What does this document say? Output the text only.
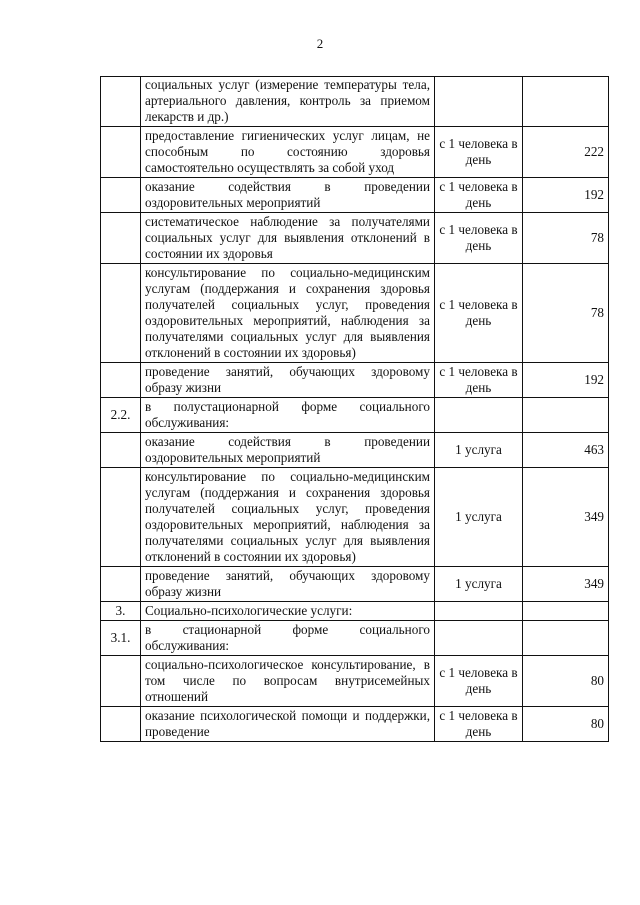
2
	социальных услуг (измерение температуры тела, артериального давления, контроль за приемом лекарств и др.)		
	предоставление гигиенических услуг лицам, не способным по состоянию здоровья самостоятельно осуществлять за собой уход	с 1 человека в день	222
	оказание содействия в проведении оздоровительных мероприятий	с 1 человека в день	192
	систематическое наблюдение за получателями социальных услуг для выявления отклонений в состоянии их здоровья	с 1 человека в день	78
	консультирование по социально-медицинским услугам (поддержания и сохранения здоровья получателей социальных услуг, проведения оздоровительных мероприятий, наблюдения за получателями социальных услуг для выявления отклонений в состоянии их здоровья)	с 1 человека в день	78
	проведение занятий, обучающих здоровому образу жизни	с 1 человека в день	192
2.2.	в полустационарной форме социального обслуживания:		
	оказание содействия в проведении оздоровительных мероприятий	1 услуга	463
	консультирование по социально-медицинским услугам (поддержания и сохранения здоровья получателей социальных услуг, проведения оздоровительных мероприятий, наблюдения за получателями социальных услуг для выявления отклонений в состоянии их здоровья)	1 услуга	349
	проведение занятий, обучающих здоровому образу жизни	1 услуга	349
3.	Социально-психологические услуги:		
3.1.	в стационарной форме социального обслуживания:		
	социально-психологическое консультирование, в том числе по вопросам внутрисемейных отношений	с 1 человека в день	80
	оказание психологической помощи и поддержки, проведение	с 1 человека в день	80
